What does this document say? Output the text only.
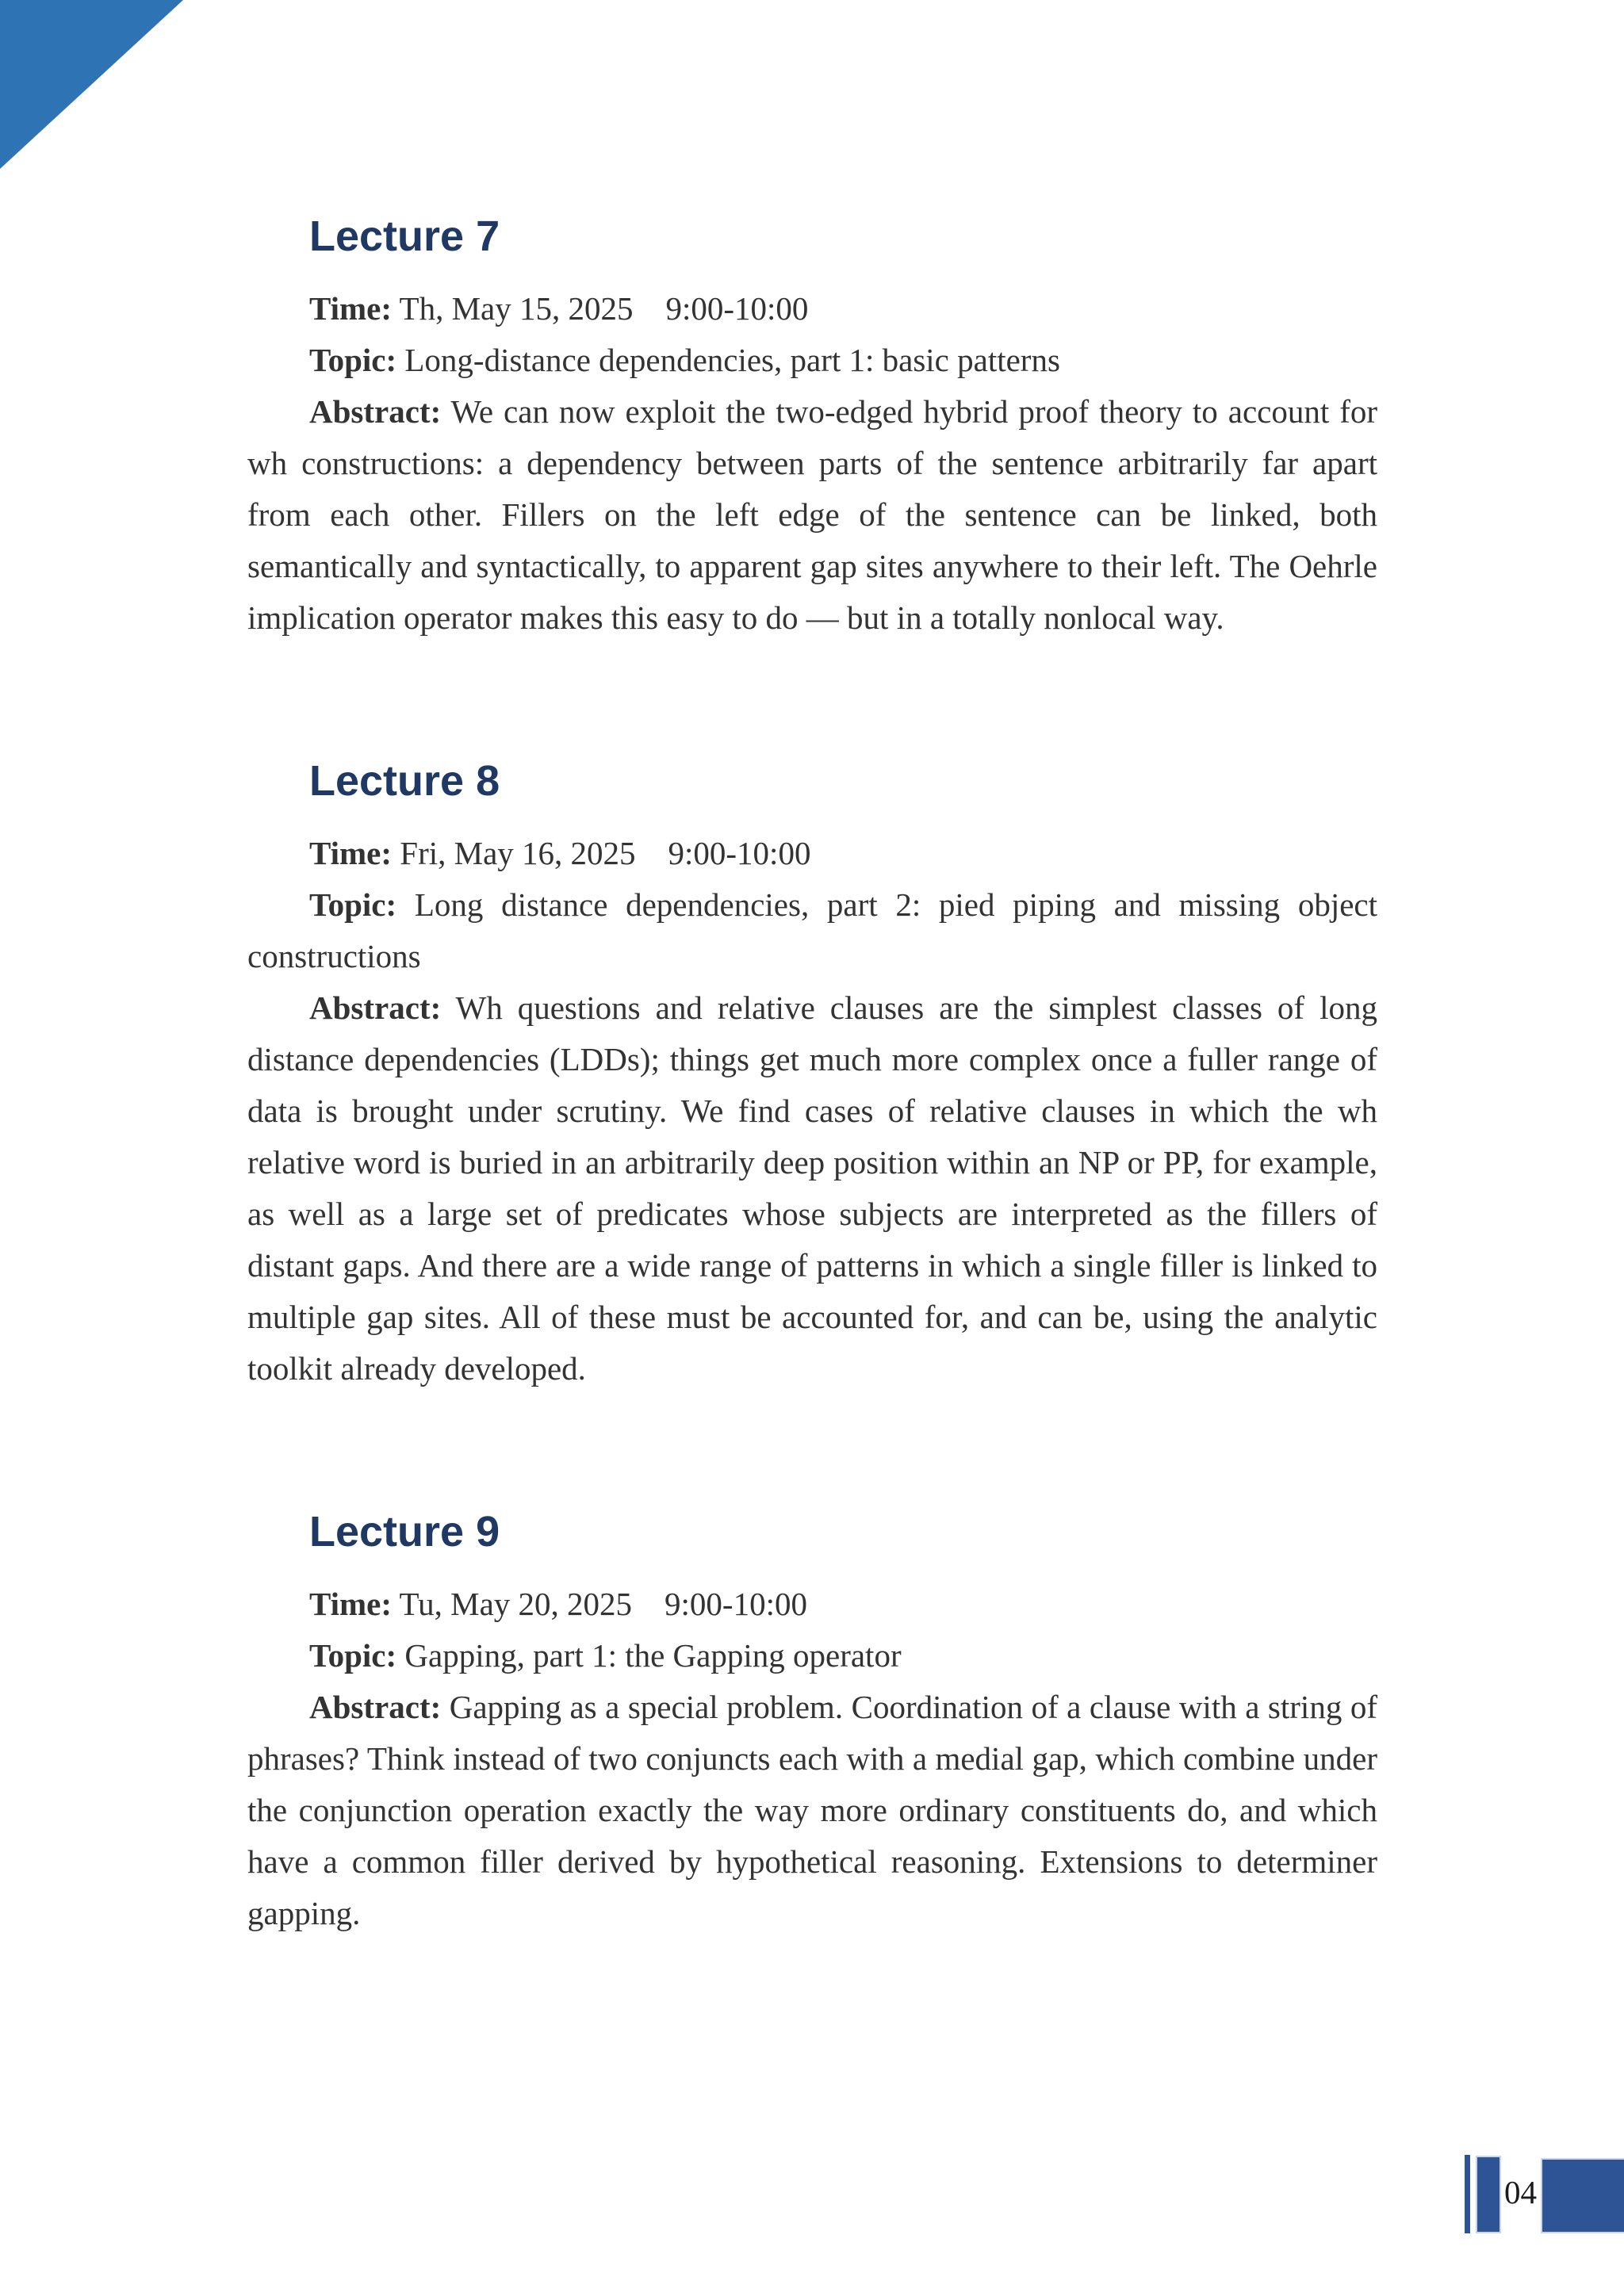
Lecture 7

Time: Th, May 15, 2025    9:00-10:00

Topic: Long-distance dependencies, part 1: basic patterns

Abstract: We can now exploit the two-edged hybrid proof theory to account for wh constructions: a dependency between parts of the sentence arbitrarily far apart from each other. Fillers on the left edge of the sentence can be linked, both semantically and syntactically, to apparent gap sites anywhere to their left. The Oehrle implication operator makes this easy to do — but in a totally nonlocal way.

Lecture 8

Time: Fri, May 16, 2025    9:00-10:00

Topic: Long distance dependencies, part 2: pied piping and missing object constructions

Abstract: Wh questions and relative clauses are the simplest classes of long distance dependencies (LDDs); things get much more complex once a fuller range of data is brought under scrutiny. We find cases of relative clauses in which the wh relative word is buried in an arbitrarily deep position within an NP or PP, for example, as well as a large set of predicates whose subjects are interpreted as the fillers of distant gaps. And there are a wide range of patterns in which a single filler is linked to multiple gap sites. All of these must be accounted for, and can be, using the analytic toolkit already developed.

Lecture 9

Time: Tu, May 20, 2025    9:00-10:00

Topic: Gapping, part 1: the Gapping operator

Abstract: Gapping as a special problem. Coordination of a clause with a string of phrases? Think instead of two conjuncts each with a medial gap, which combine under the conjunction operation exactly the way more ordinary constituents do, and which have a common filler derived by hypothetical reasoning. Extensions to determiner gapping.

04
